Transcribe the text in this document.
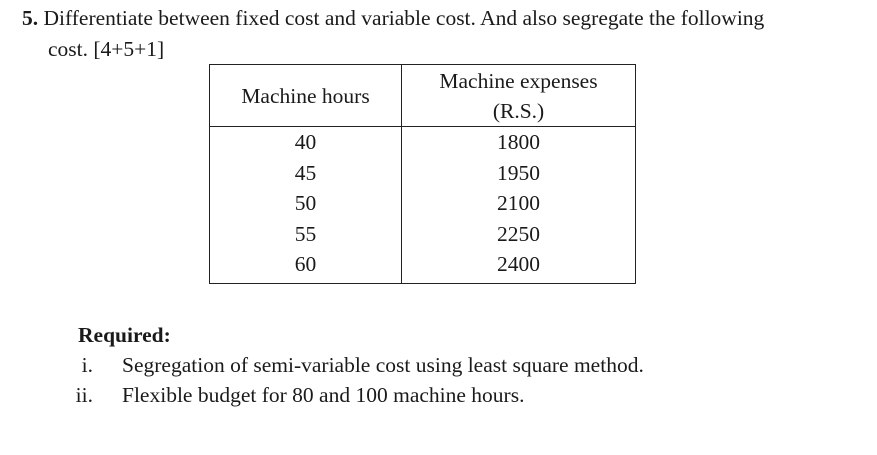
5. Differentiate between fixed cost and variable cost. And also segregate the following
cost. [4+5+1]
Machine hours	Machine expenses
(R.S.)

40	1800
45	1950
50	2100
55	2250
60	2400
Required:
i. Segregation of semi-variable cost using least square method.
ii. Flexible budget for 80 and 100 machine hours.
